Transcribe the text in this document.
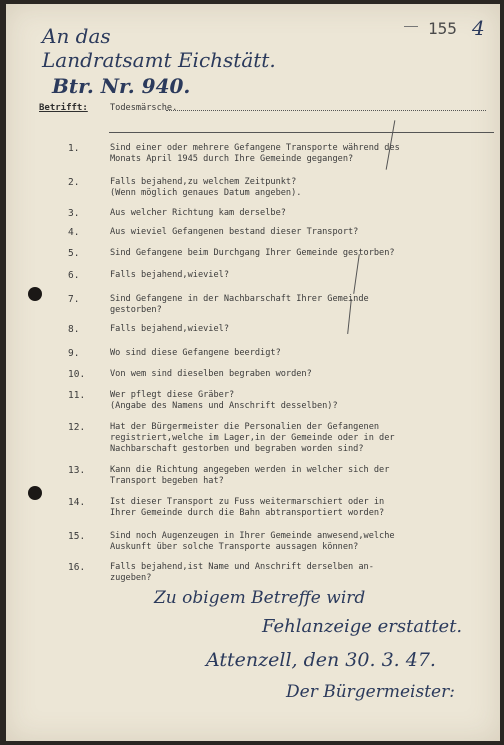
155 4
An das
Landratsamt Eichstätt.
Btr. Nr. 940.
Betrifft:	Todesmärsche.
1.
2.
3.
4.
5.
6.
7.
8.
9.
10.
11.
12.
13.
14.
15.
16.
Sind einer oder mehrere Gefangene Transporte während des
Monats April 1945 durch Ihre Gemeinde gegangen?
Falls bejahend,zu welchem Zeitpunkt?
(Wenn möglich genaues Datum angeben).
Aus welcher Richtung kam derselbe?
Aus wieviel Gefangenen bestand dieser Transport?
Sind Gefangene beim Durchgang Ihrer Gemeinde gestorben?
Falls bejahend,wieviel?
Sind Gefangene in der Nachbarschaft Ihrer Gemeinde
gestorben?
Falls bejahend,wieviel?
Wo sind diese Gefangene beerdigt?
Von wem sind dieselben begraben worden?
Wer pflegt diese Gräber?
(Angabe des Namens und Anschrift desselben)?
Hat der Bürgermeister die Personalien der Gefangenen
registriert,welche im Lager,in der Gemeinde oder in der
Nachbarschaft gestorben und begraben worden sind?
Kann die Richtung angegeben werden in welcher sich der
Transport begeben hat?
Ist dieser Transport zu Fuss weitermarschiert oder in
Ihrer Gemeinde durch die Bahn abtransportiert worden?
Sind noch Augenzeugen in Ihrer Gemeinde anwesend,welche
Auskunft über solche Transporte aussagen können?
Falls bejahend,ist Name und Anschrift derselben an-
zugeben?
Zu obigem Betreffe wird
Fehlanzeige erstattet.
Attenzell, den 30. 3. 47.
Der Bürgermeister:
